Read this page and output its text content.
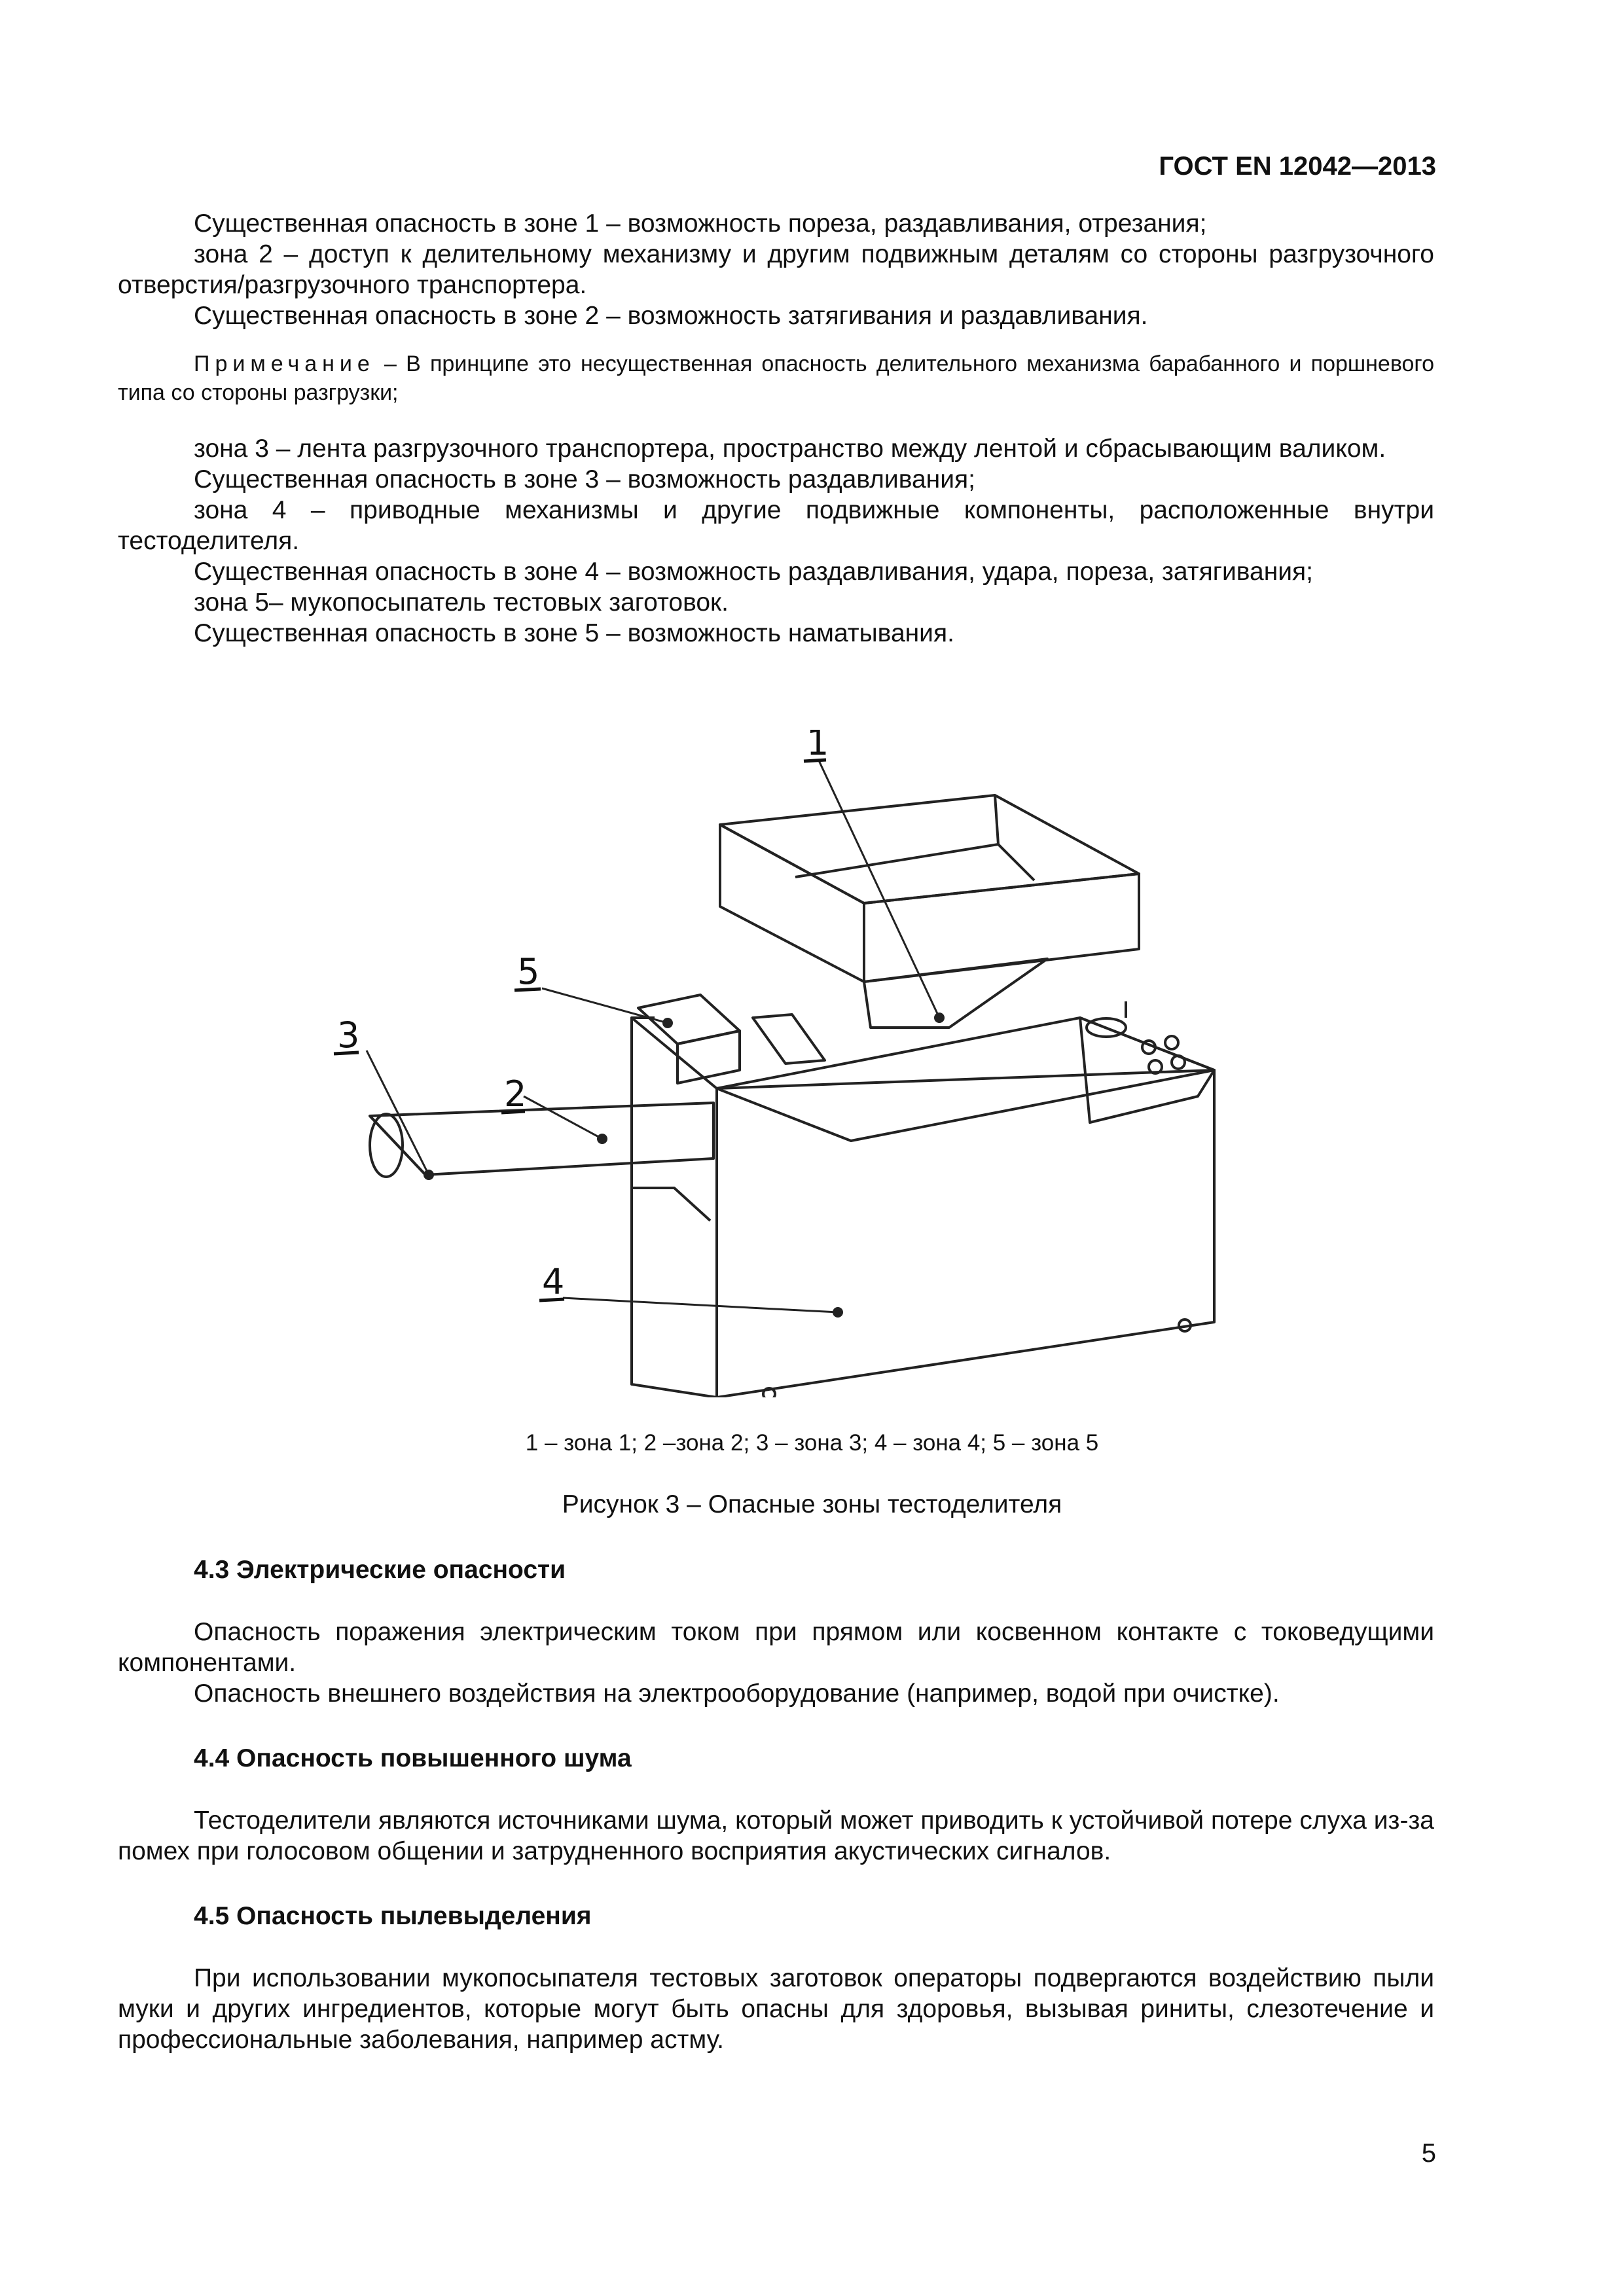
ГОСТ EN 12042—2013

Существенная опасность в зоне 1 – возможность пореза, раздавливания, отрезания;

зона 2 – доступ к делительному механизму и другим подвижным деталям со стороны разгрузочного отверстия/разгрузочного транспортера.

Существенная опасность в зоне 2 – возможность затягивания и раздавливания.

Примечание – В принципе это несущественная опасность делительного механизма барабанного и поршневого типа со стороны разгрузки;

зона 3 – лента разгрузочного транспортера, пространство между лентой и сбрасывающим валиком.

Существенная опасность в зоне 3 – возможность раздавливания;

зона 4 – приводные механизмы и другие подвижные компоненты, расположенные внутри тестоделителя.

Существенная опасность в зоне 4 – возможность раздавливания, удара, пореза, затягивания;

зона 5– мукопосыпатель тестовых заготовок.

Существенная опасность в зоне 5 – возможность наматывания.

1
2
3
4
5
1 – зона 1; 2 –зона 2; 3 – зона 3; 4 – зона 4; 5 – зона 5
Рисунок 3 – Опасные зоны тестоделителя

4.3 Электрические опасности

Опасность поражения электрическим током при прямом или косвенном контакте с токоведущими компонентами.

Опасность внешнего воздействия на электрооборудование (например, водой при очистке).

4.4 Опасность повышенного шума

Тестоделители являются источниками шума, который может приводить к устойчивой потере слуха из-за помех при голосовом общении и затрудненного восприятия акустических сигналов.

4.5 Опасность пылевыделения

При использовании мукопосыпателя тестовых заготовок операторы подвергаются воздействию пыли муки и других ингредиентов, которые могут быть опасны для здоровья, вызывая риниты, слезотечение и профессиональные заболевания, например астму.

5
